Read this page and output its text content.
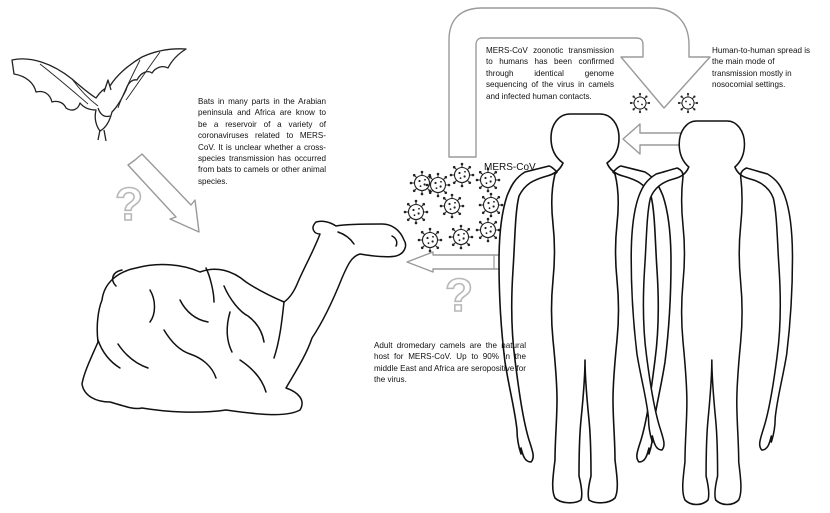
?
?
Bats in many parts in the Arabian peninsula and Africa are know to be a reservoir of a variety of coronaviruses related to MERS-CoV. It is unclear whether a cross-species transmission has occurred from bats to camels or other animal species.
MERS-CoV zoonotic transmission to humans has been confirmed through identical genome sequencing of the virus in camels and infected human contacts.
Human-to-human spread is the main mode of transmission mostly in nosocomial settings.
Adult dromedary camels are the natural host for MERS-CoV. Up to 90% in the middle East and Africa are seropositive for the virus.
MERS-CoV
